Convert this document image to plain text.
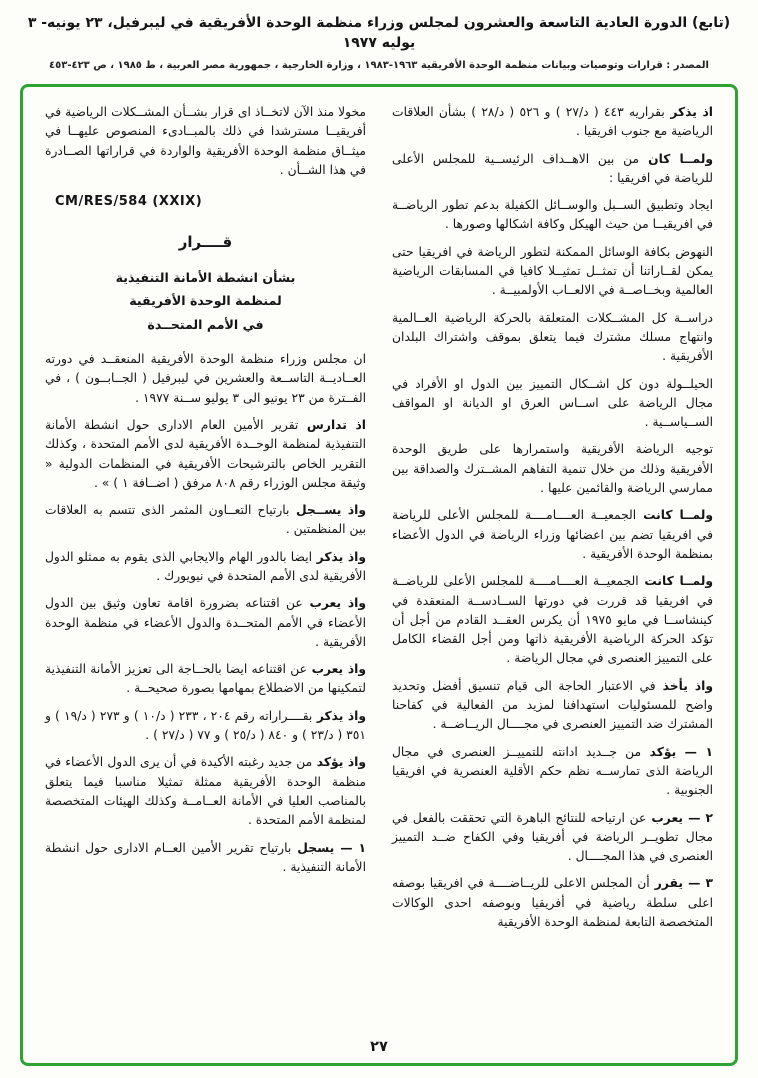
(تابع) الدورة العادية التاسعة والعشرون لمجلس وزراء منظمة الوحدة الأفريقية في ليبرفيل، ٢٣ يونيه- ٣ يوليه ١٩٧٧
المصدر : قرارات وتوصيات وبيانات منظمة الوحدة الأفريقية ١٩٦٣-١٩٨٣ ، وزارة الخارجية ، جمهورية مصر العربية ، ط ١٩٨٥ ، ص ٤٢٣-٤٥٣

اذ يذكر بقراريه ٤٤٣ ( د/٢٧ ) و ٥٢٦ ( د/٢٨ ) بشأن العلاقات الرياضية مع جنوب افريقيا .

ولمــا كان من بين الاهــداف الرئيســية للمجلس الأعلى للرياضة في افريقيا :

ايجاد وتطبيق الســبل والوســائل الكفيلة بدعم تطور الرياضــة في افريقيــا من حيث الهيكل وكافة اشكالها وصورها .

النهوض بكافة الوسائل الممكنة لتطور الرياضة في افريقيا حتى يمكن لقــاراتنا أن تمثــل تمثيــلا كافيا في المسابقات الرياضية العالمية وبخــاصــة في الالعــاب الأولمبيــة .

دراســة كل المشــكلات المتعلقة بالحركة الرياضية العــالمية وانتهاج مسلك مشترك فيما يتعلق بموقف واشتراك البلدان الأفريقية .

الحيلــولة دون كل اشــكال التمييز بين الدول او الأفراد في مجال الرياضة على اســاس العرق او الديانة او المواقف الســياســية .

توجيه الرياضة الأفريقية واستمرارها على طريق الوحدة الأفريقية وذلك من خلال تنمية التفاهم المشــترك والصداقة بين ممارسي الرياضة والقائمين عليها .

ولمــا كانت الجمعيــة العــــامــــة للمجلس الأعلى للرياضة في افريقيا تضم بين اعضائها وزراء الرياضة في الدول الأعضاء بمنظمة الوحدة الأفريقية .

ولمــا كانت الجمعيــة العــــامــــة للمجلس الأعلى للرياضــة في افريقيا قد قررت في دورتها الســادســة المنعقدة في كينشاســا في مايو ١٩٧٥ أن يكرس العقــد القادم من أجل أن تؤكد الحركة الرياضية الأفريقية ذاتها ومن أجل القضاء الكامل على التمييز العنصرى في مجال الرياضة .

واذ يأخذ في الاعتبار الحاجة الى قيام تنسيق أفضل وتحديد واضح للمسئوليات استهدافنا لمزيد من الفعالية في كفاحنا المشترك ضد التمييز العنصرى في مجــــال الريــاضــة .

١ — يؤكد من جــديد ادانته للتمييــز العنصرى في مجال الرياضة الذى تمارســه نظم حكم الأقلية العنصرية في افريقيا الجنوبية .

٢ — يعرب عن ارتياحه للنتائج الباهرة التي تحققت بالفعل في مجال تطويــر الرياضة في أفريقيا وفي الكفاح ضــد التمييز العنصرى في هذا المجــــال .

٣ — يقرر أن المجلس الاعلى للريــاضــــة في افريقيا بوصفه اعلى سلطة رياضية في أفريقيا وبوصفه احدى الوكالات المتخصصة التابعة لمنظمة الوحدة الأفريقية

مخولا منذ الآن لاتخــاذ اى قرار بشــأن المشــكلات الرياضية في أفريقيــا مسترشدا في ذلك بالمبــادىء المنصوص عليهــا في ميثــاق منظمة الوحدة الأفريقية والواردة في قراراتها الصــادرة في هذا الشــأن .

CM/RES/584 (XXIX)
قــــرار
بشأن انشطة الأمانة التنفيذية
لمنظمة الوحدة الأفريقية
في الأمم المتحــدة

ان مجلس وزراء منظمة الوحدة الأفريقية المنعقــد في دورته العــاديــة التاســعة والعشرين في ليبرفيل ( الجــابــون ) ، في الفــترة من ٢٣ يونيو الى ٣ يوليو ســنة ١٩٧٧ .

اذ تدارس تقرير الأمين العام الادارى حول انشطة الأمانة التنفيذية لمنظمة الوحــدة الأفريقية لدى الأمم المتحدة ، وكذلك التقرير الخاص بالترشيحات الأفريقية في المنظمات الدولية « وثيقة مجلس الوزراء رقم ٨٠٨ مرفق ( اضــافة ١ ) » .

واذ يســجل بارتياح التعــاون المثمر الذى تتسم به العلاقات بين المنظمتين .

واذ يذكر ايضا بالدور الهام والايجابي الذى يقوم به ممثلو الدول الأفريقية لدى الأمم المتحدة في نيويورك .

واذ يعرب عن اقتناعه بضرورة اقامة تعاون وثيق بين الدول الأعضاء في الأمم المتحــدة والدول الأعضاء في منظمة الوحدة الأفريقية .

واذ يعرب عن اقتناعه ايضا بالحــاجة الى تعزيز الأمانة التنفيذية لتمكينها من الاضطلاع بمهامها بصورة صحيحــة .

واذ يذكر بقــــراراته رقم ٢٠٤ ، ٢٣٣ ( د/١٠ ) و ٢٧٣ ( د/١٩ ) و ٣٥١ ( د/٢٣ ) و ٨٤٠ ( د/٢٥ ) و ٧٧ ( د/٢٧ ) .

واذ يؤكد من جديد رغبته الأكيدة في أن يرى الدول الأعضاء في منظمة الوحدة الأفريقية ممثلة تمثيلا مناسبا فيما يتعلق بالمناصب العليا في الأمانة العــامــة وكذلك الهيئات المتخصصة لمنظمة الأمم المتحدة .

١ — يسجل بارتياح تقرير الأمين العــام الادارى حول انشطة الأمانة التنفيذية .

٢٧
